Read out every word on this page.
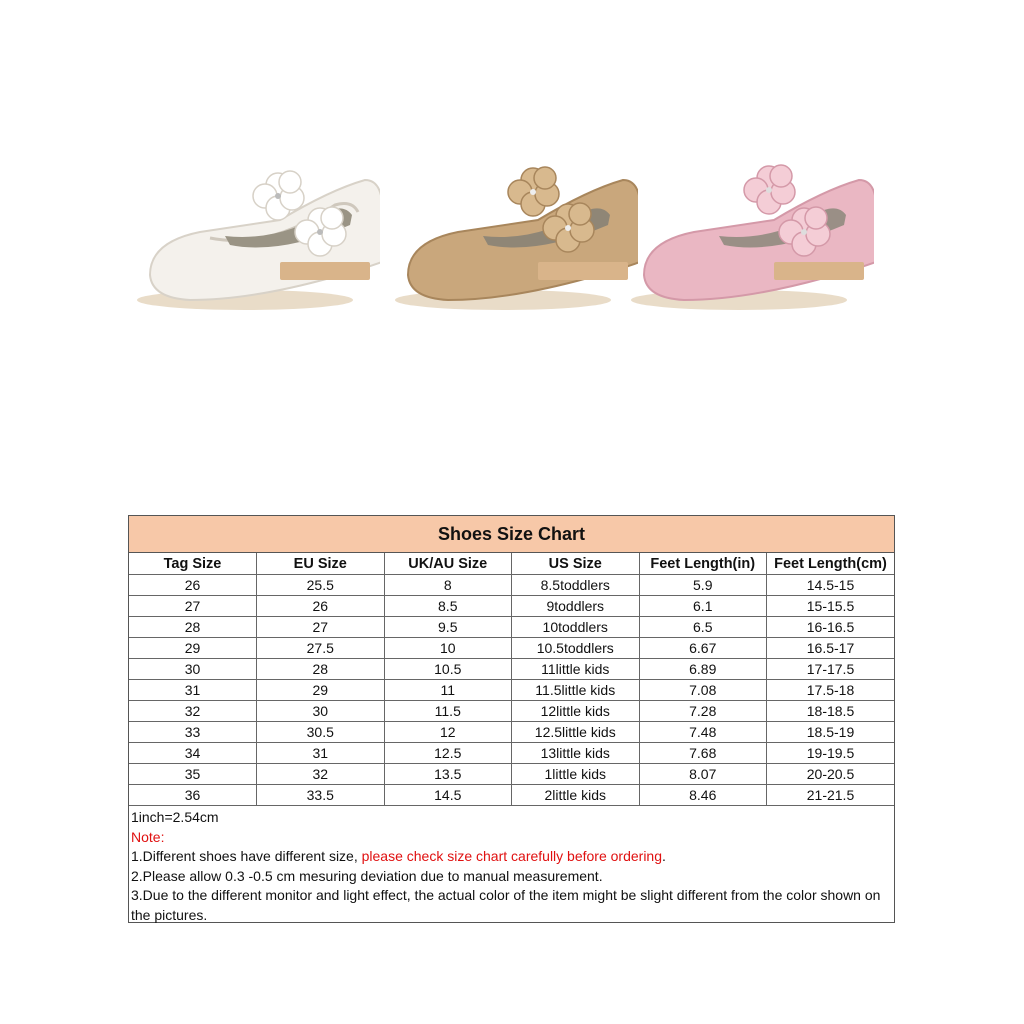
Shoes Size Chart
Tag Size	EU Size	UK/AU Size	US Size	Feet Length(in)	Feet Length(cm)
26	25.5	8	8.5toddlers	5.9	14.5-15
27	26	8.5	9toddlers	6.1	15-15.5
28	27	9.5	10toddlers	6.5	16-16.5
29	27.5	10	10.5toddlers	6.67	16.5-17
30	28	10.5	11little kids	6.89	17-17.5
31	29	11	11.5little kids	7.08	17.5-18
32	30	11.5	12little kids	7.28	18-18.5
33	30.5	12	12.5little kids	7.48	18.5-19
34	31	12.5	13little kids	7.68	19-19.5
35	32	13.5	1little kids	8.07	20-20.5
36	33.5	14.5	2little kids	8.46	21-21.5
1inch=2.54cm
Note:
1.Different shoes have different size, please check size chart carefully before ordering.
2.Please allow 0.3 -0.5 cm mesuring deviation due to manual measurement.
3.Due to the different monitor and light effect, the actual color of the item might be slight different from the color shown on the pictures.
